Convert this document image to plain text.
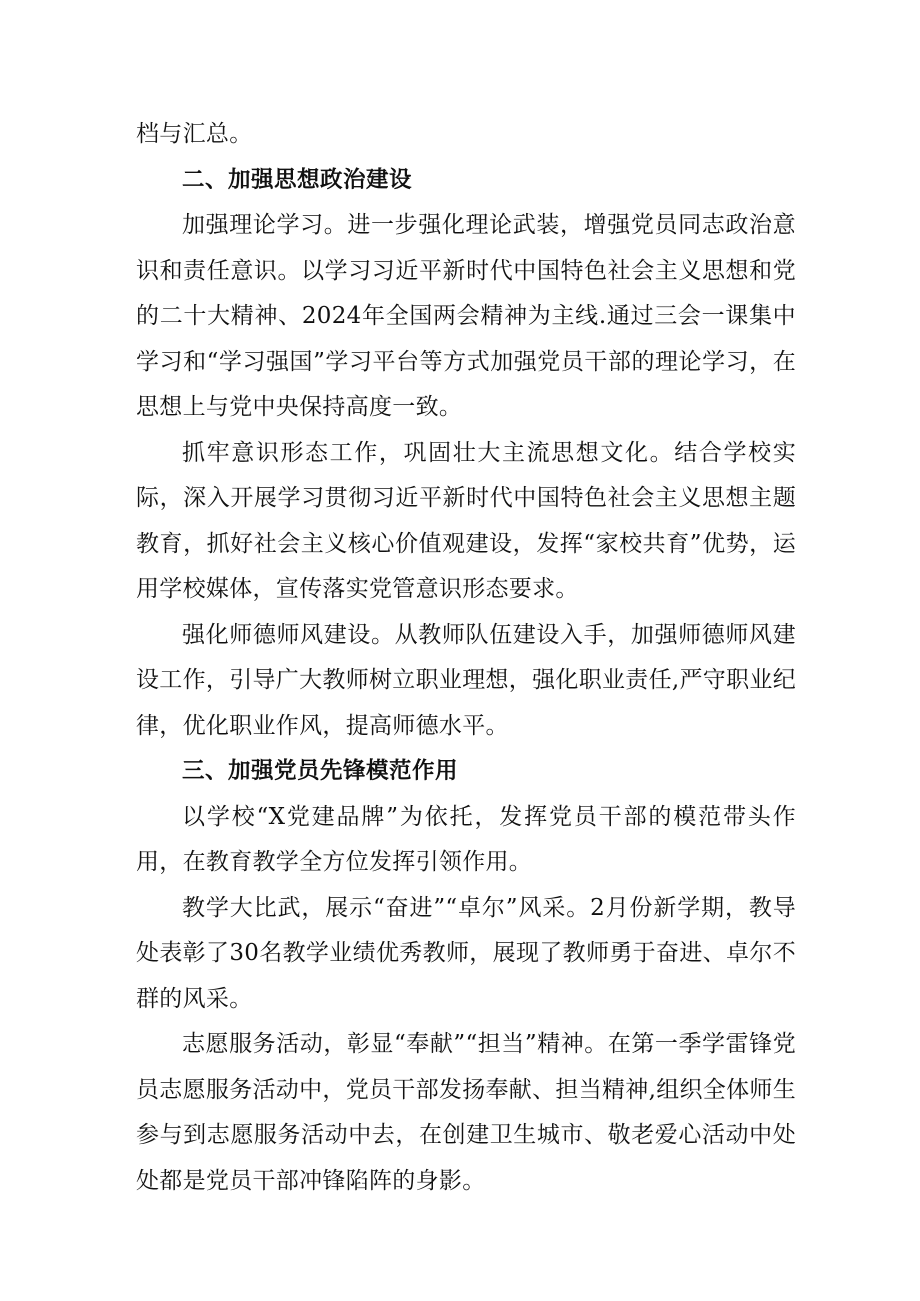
档与汇总。

二、加强思想政治建设

加强理论学习。进一步强化理论武装，增强党员同志政治意识和责任意识。以学习习近平新时代中国特色社会主义思想和党的二十大精神、2024年全国两会精神为主线.通过三会一课集中学习和“学习强国”学习平台等方式加强党员干部的理论学习，在思想上与党中央保持高度一致。

抓牢意识形态工作，巩固壮大主流思想文化。结合学校实际，深入开展学习贯彻习近平新时代中国特色社会主义思想主题教育，抓好社会主义核心价值观建设，发挥“家校共育”优势，运用学校媒体，宣传落实党管意识形态要求。

强化师德师风建设。从教师队伍建设入手，加强师德师风建设工作，引导广大教师树立职业理想，强化职业责任,严守职业纪律，优化职业作风，提高师德水平。

三、加强党员先锋模范作用

以学校“X党建品牌”为依托，发挥党员干部的模范带头作用，在教育教学全方位发挥引领作用。

教学大比武，展示“奋进”“卓尔”风采。2月份新学期，教导处表彰了30名教学业绩优秀教师，展现了教师勇于奋进、卓尔不群的风采。

志愿服务活动，彰显“奉献”“担当”精神。在第一季学雷锋党员志愿服务活动中，党员干部发扬奉献、担当精神,组织全体师生参与到志愿服务活动中去，在创建卫生城市、敬老爱心活动中处处都是党员干部冲锋陷阵的身影。
